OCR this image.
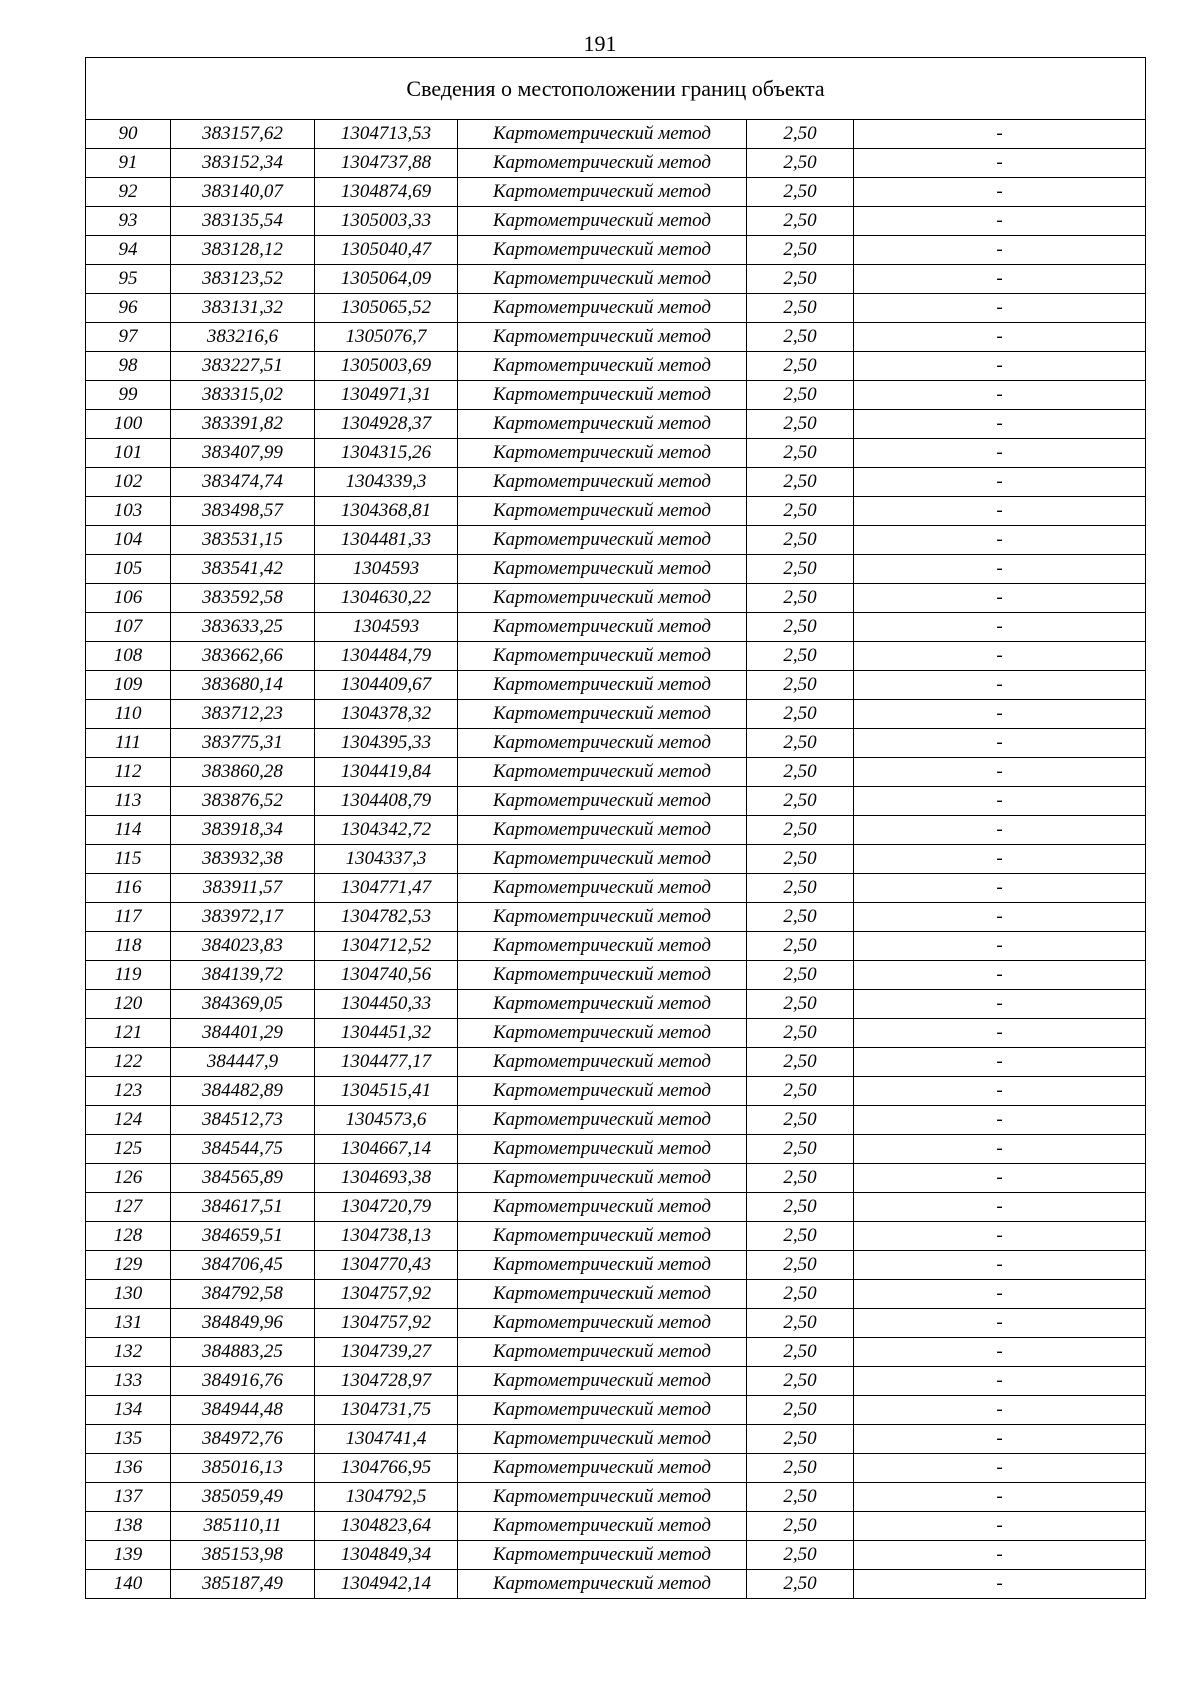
191
Сведения о местоположении границ объекта					
90	383157,62	1304713,53	Картометрический метод	2,50	-
91	383152,34	1304737,88	Картометрический метод	2,50	-
92	383140,07	1304874,69	Картометрический метод	2,50	-
93	383135,54	1305003,33	Картометрический метод	2,50	-
94	383128,12	1305040,47	Картометрический метод	2,50	-
95	383123,52	1305064,09	Картометрический метод	2,50	-
96	383131,32	1305065,52	Картометрический метод	2,50	-
97	383216,6	1305076,7	Картометрический метод	2,50	-
98	383227,51	1305003,69	Картометрический метод	2,50	-
99	383315,02	1304971,31	Картометрический метод	2,50	-
100	383391,82	1304928,37	Картометрический метод	2,50	-
101	383407,99	1304315,26	Картометрический метод	2,50	-
102	383474,74	1304339,3	Картометрический метод	2,50	-
103	383498,57	1304368,81	Картометрический метод	2,50	-
104	383531,15	1304481,33	Картометрический метод	2,50	-
105	383541,42	1304593	Картометрический метод	2,50	-
106	383592,58	1304630,22	Картометрический метод	2,50	-
107	383633,25	1304593	Картометрический метод	2,50	-
108	383662,66	1304484,79	Картометрический метод	2,50	-
109	383680,14	1304409,67	Картометрический метод	2,50	-
110	383712,23	1304378,32	Картометрический метод	2,50	-
111	383775,31	1304395,33	Картометрический метод	2,50	-
112	383860,28	1304419,84	Картометрический метод	2,50	-
113	383876,52	1304408,79	Картометрический метод	2,50	-
114	383918,34	1304342,72	Картометрический метод	2,50	-
115	383932,38	1304337,3	Картометрический метод	2,50	-
116	383911,57	1304771,47	Картометрический метод	2,50	-
117	383972,17	1304782,53	Картометрический метод	2,50	-
118	384023,83	1304712,52	Картометрический метод	2,50	-
119	384139,72	1304740,56	Картометрический метод	2,50	-
120	384369,05	1304450,33	Картометрический метод	2,50	-
121	384401,29	1304451,32	Картометрический метод	2,50	-
122	384447,9	1304477,17	Картометрический метод	2,50	-
123	384482,89	1304515,41	Картометрический метод	2,50	-
124	384512,73	1304573,6	Картометрический метод	2,50	-
125	384544,75	1304667,14	Картометрический метод	2,50	-
126	384565,89	1304693,38	Картометрический метод	2,50	-
127	384617,51	1304720,79	Картометрический метод	2,50	-
128	384659,51	1304738,13	Картометрический метод	2,50	-
129	384706,45	1304770,43	Картометрический метод	2,50	-
130	384792,58	1304757,92	Картометрический метод	2,50	-
131	384849,96	1304757,92	Картометрический метод	2,50	-
132	384883,25	1304739,27	Картометрический метод	2,50	-
133	384916,76	1304728,97	Картометрический метод	2,50	-
134	384944,48	1304731,75	Картометрический метод	2,50	-
135	384972,76	1304741,4	Картометрический метод	2,50	-
136	385016,13	1304766,95	Картометрический метод	2,50	-
137	385059,49	1304792,5	Картометрический метод	2,50	-
138	385110,11	1304823,64	Картометрический метод	2,50	-
139	385153,98	1304849,34	Картометрический метод	2,50	-
140	385187,49	1304942,14	Картометрический метод	2,50	-
